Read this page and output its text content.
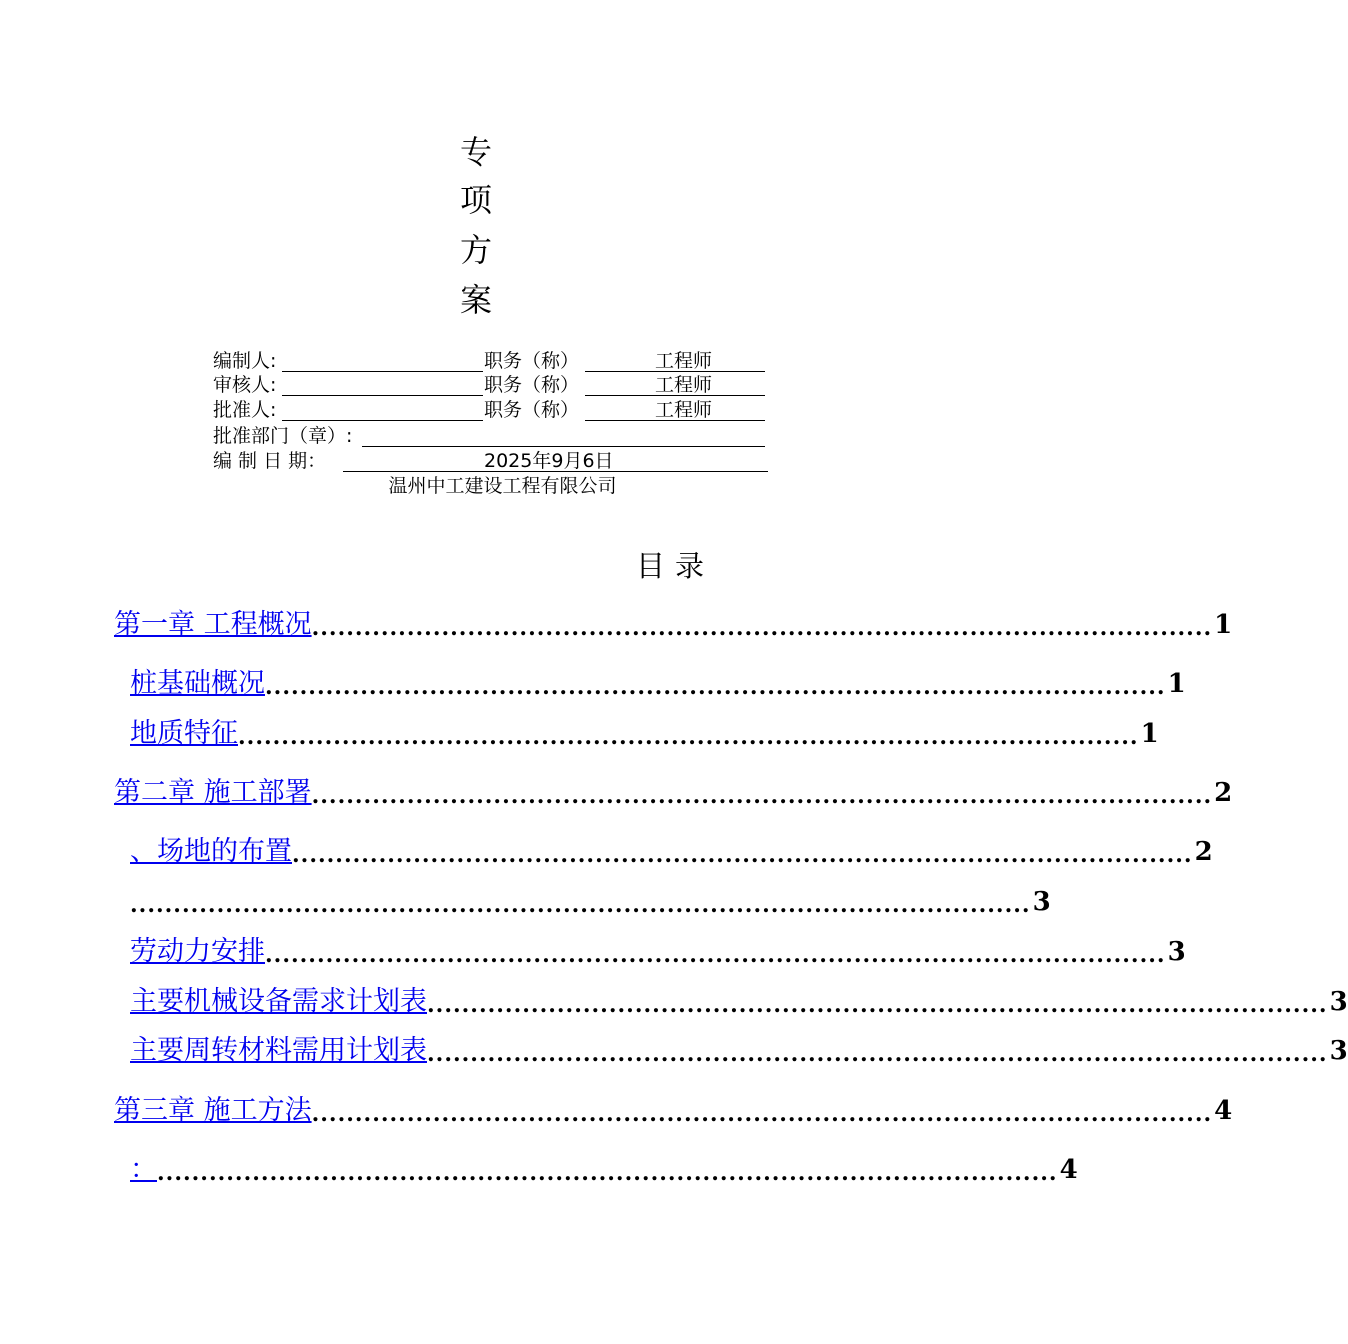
专
项
方
案
编制人:	职务（称）	工程师
审核人:	职务（称）	工程师
批准人:	职务（称）	工程师
批准部门（章）:
编 制 日 期：	2025年9月6日
温州中工建设工程有限公司
目录
第一章 工程概况 ........................................................................................................ 1
桩基础概况 ........................................................................................................ 1
地质特征 ........................................................................................................ 1
第二章 施工部署 ........................................................................................................ 2
、场地的布置 ........................................................................................................ 2
........................................................................................................ 3
劳动力安排 ........................................................................................................ 3
主要机械设备需求计划表 ........................................................................................................ 3
主要周转材料需用计划表 ........................................................................................................ 3
第三章 施工方法 ........................................................................................................ 4
： ........................................................................................................ 4
